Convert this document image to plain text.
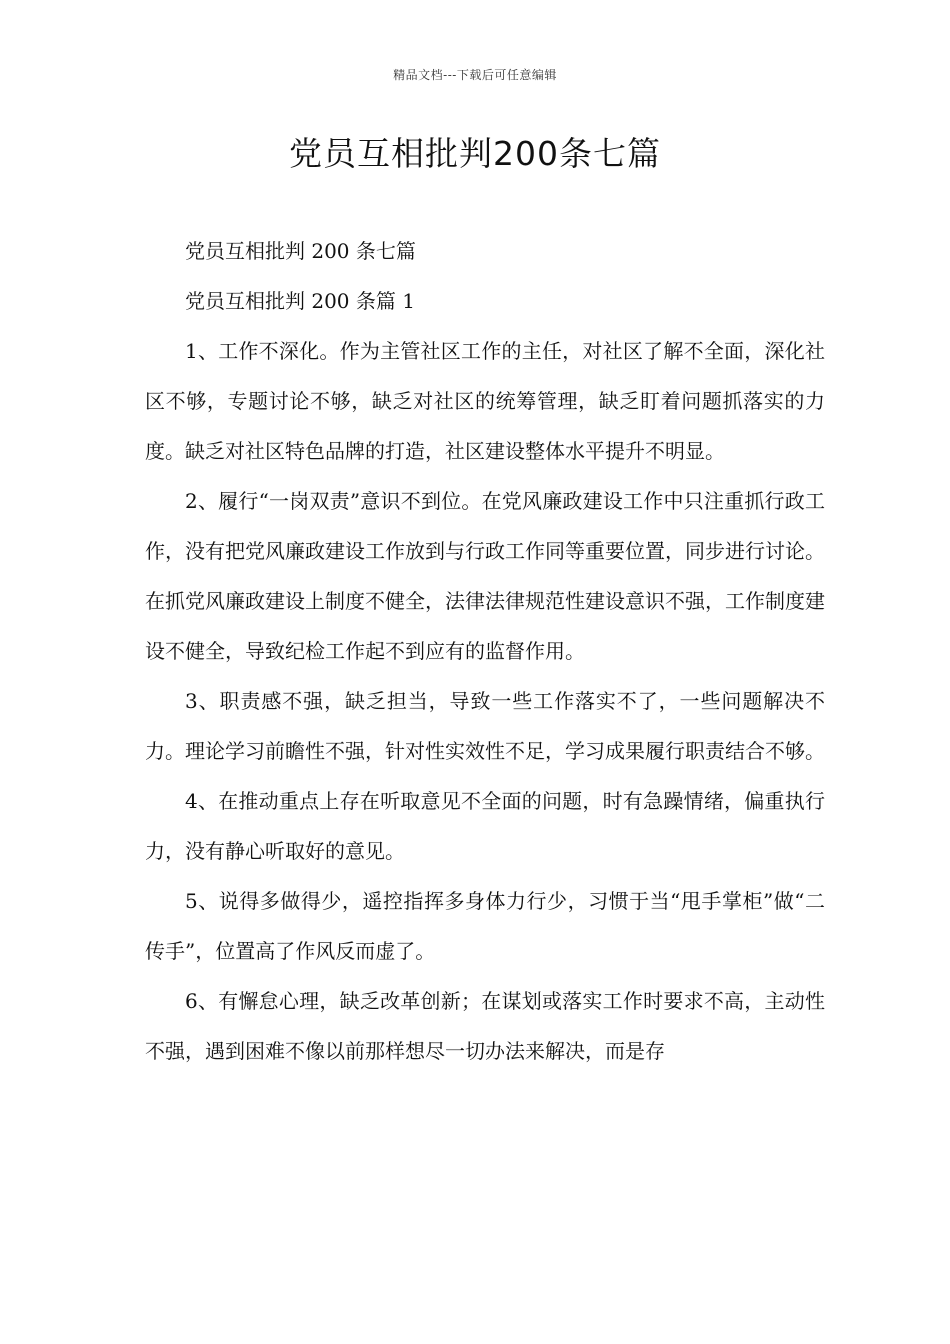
精品文档---下载后可任意编辑
党员互相批判200条七篇

党员互相批判 200 条七篇

党员互相批判 200 条篇 1

1、工作不深化。作为主管社区工作的主任，对社区了解不全面，深化社区不够，专题讨论不够，缺乏对社区的统筹管理，缺乏盯着问题抓落实的力度。缺乏对社区特色品牌的打造，社区建设整体水平提升不明显。

2、履行“一岗双责”意识不到位。在党风廉政建设工作中只注重抓行政工作，没有把党风廉政建设工作放到与行政工作同等重要位置，同步进行讨论。在抓党风廉政建设上制度不健全，法律法律规范性建设意识不强，工作制度建设不健全，导致纪检工作起不到应有的监督作用。

3、职责感不强，缺乏担当，导致一些工作落实不了，一些问题解决不力。理论学习前瞻性不强，针对性实效性不足，学习成果履行职责结合不够。

4、在推动重点上存在听取意见不全面的问题，时有急躁情绪，偏重执行力，没有静心听取好的意见。

5、说得多做得少，遥控指挥多身体力行少，习惯于当“甩手掌柜”做“二传手”，位置高了作风反而虚了。

6、有懈怠心理，缺乏改革创新；在谋划或落实工作时要求不高，主动性不强，遇到困难不像以前那样想尽一切办法来解决，而是存
